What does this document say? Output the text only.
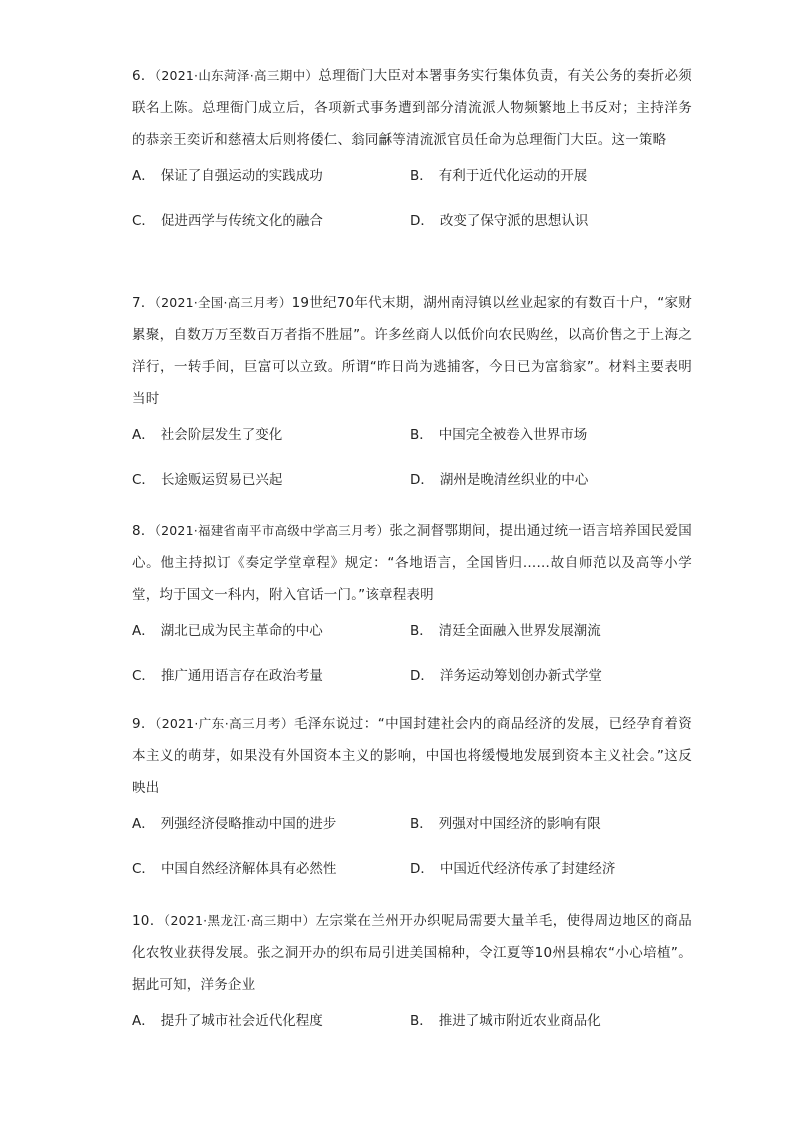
6．（2021·山东菏泽·高三期中）总理衙门大臣对本署事务实行集体负责，有关公务的奏折必须联名上陈。总理衙门成立后，各项新式事务遭到部分清流派人物频繁地上书反对；主持洋务的恭亲王奕䜣和慈禧太后则将倭仁、翁同龢等清流派官员任命为总理衙门大臣。这一策略

A． 保证了自强运动的实践成功	B． 有利于近代化运动的开展
C． 促进西学与传统文化的融合	D． 改变了保守派的思想认识

7．（2021·全国·高三月考）19世纪70年代末期，湖州南浔镇以丝业起家的有数百十户，“家财累聚，自数万万至数百万者指不胜屈”。许多丝商人以低价向农民购丝，以高价售之于上海之洋行，一转手间，巨富可以立致。所谓“昨日尚为逃捕客，今日已为富翁家”。材料主要表明当时

A． 社会阶层发生了变化	B． 中国完全被卷入世界市场
C． 长途贩运贸易已兴起	D． 湖州是晚清丝织业的中心

8．（2021·福建省南平市高级中学高三月考）张之洞督鄂期间，提出通过统一语言培养国民爱国心。他主持拟订《奏定学堂章程》规定：“各地语言，全国皆归……故自师范以及高等小学堂，均于国文一科内，附入官话一门。”该章程表明

A． 湖北已成为民主革命的中心	B． 清廷全面融入世界发展潮流
C． 推广通用语言存在政治考量	D． 洋务运动筹划创办新式学堂

9．（2021·广东·高三月考）毛泽东说过：“中国封建社会内的商品经济的发展，已经孕育着资本主义的萌芽，如果没有外国资本主义的影响，中国也将缓慢地发展到资本主义社会。”这反映出

A． 列强经济侵略推动中国的进步	B． 列强对中国经济的影响有限
C． 中国自然经济解体具有必然性	D． 中国近代经济传承了封建经济

10．（2021·黑龙江·高三期中）左宗棠在兰州开办织呢局需要大量羊毛，使得周边地区的商品化农牧业获得发展。张之洞开办的织布局引进美国棉种，令江夏等10州县棉农“小心培植”。据此可知，洋务企业

A． 提升了城市社会近代化程度	B． 推进了城市附近农业商品化
